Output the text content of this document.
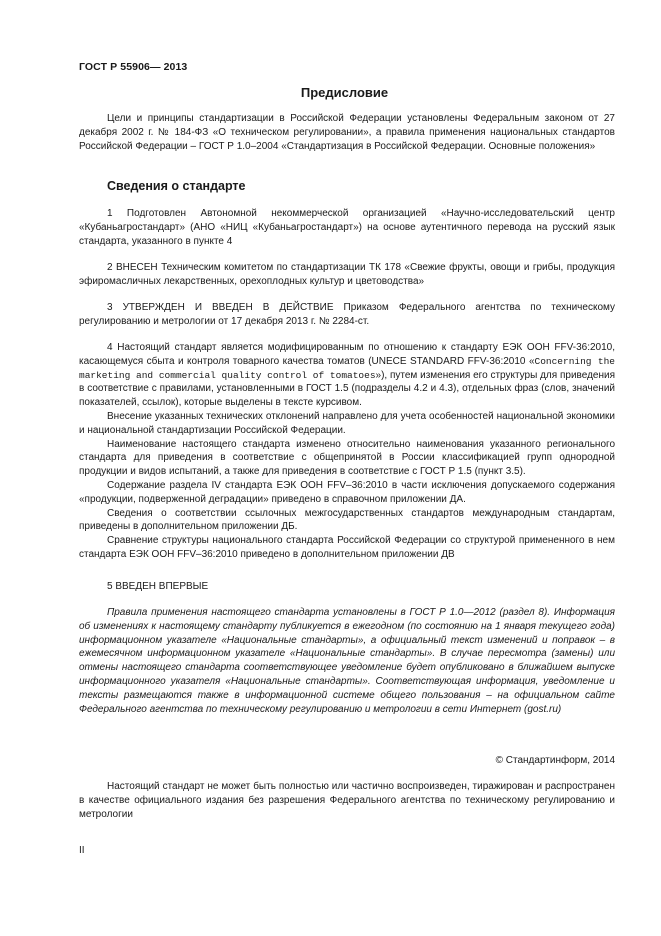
ГОСТ Р 55906— 2013
Предисловие

Цели и принципы стандартизации в Российской Федерации установлены Федеральным законом от 27 декабря 2002 г. № 184-ФЗ «О техническом регулировании», а правила применения национальных стандартов Российской Федерации – ГОСТ Р 1.0–2004 «Стандартизация в Российской Федерации. Основные положения»

Сведения о стандарте

1 Подготовлен Автономной некоммерческой организацией «Научно-исследовательский центр «Кубаньагростандарт» (АНО «НИЦ «Кубаньагростандарт») на основе аутентичного перевода на русский язык стандарта, указанного в пункте 4

2 ВНЕСЕН Техническим комитетом по стандартизации ТК 178 «Свежие фрукты, овощи и грибы, продукция эфиромасличных лекарственных, орехоплодных культур и цветоводства»

3 УТВЕРЖДЕН И ВВЕДЕН В ДЕЙСТВИЕ Приказом Федерального агентства по техническому регулированию и метрологии от 17 декабря 2013 г. № 2284-ст.

4 Настоящий стандарт является модифицированным по отношению к стандарту ЕЭК ООН FFV-36:2010, касающемуся сбыта и контроля товарного качества томатов (UNECE STANDARD FFV-36:2010 «Concerning the marketing and commercial quality control of tomatoes»), путем изменения его структуры для приведения в соответствие с правилами, установленными в ГОСТ 1.5 (подразделы 4.2 и 4.3), отдельных фраз (слов, значений показателей, ссылок), которые выделены в тексте курсивом.

Внесение указанных технических отклонений направлено для учета особенностей национальной экономики и национальной стандартизации Российской Федерации.

Наименование настоящего стандарта изменено относительно наименования указанного регионального стандарта для приведения в соответствие с общепринятой в России классификацией групп однородной продукции и видов испытаний, а также для приведения в соответствие с ГОСТ Р 1.5 (пункт 3.5).

Содержание раздела IV стандарта ЕЭК ООН FFV–36:2010 в части исключения допускаемого содержания «продукции, подверженной деградации» приведено в справочном приложении ДА.

Сведения о соответствии ссылочных межгосударственных стандартов международным стандартам, приведены в дополнительном приложении ДБ.

Сравнение структуры национального стандарта Российской Федерации со структурой примененного в нем стандарта ЕЭК ООН FFV–36:2010 приведено в дополнительном приложении ДВ

5 ВВЕДЕН ВПЕРВЫЕ

Правила применения настоящего стандарта установлены в ГОСТ Р 1.0—2012 (раздел 8). Информация об изменениях к настоящему стандарту публикуется в ежегодном (по состоянию на 1 января текущего года) информационном указателе «Национальные стандарты», а официальный текст изменений и поправок – в ежемесячном информационном указателе «Национальные стандарты». В случае пересмотра (замены) или отмены настоящего стандарта соответствующее уведомление будет опубликовано в ближайшем выпуске информационного указателя «Национальные стандарты». Соответствующая информация, уведомление и тексты размещаются также в информационной системе общего пользования – на официальном сайте Федерального агентства по техническому регулированию и метрологии в сети Интернет (gost.ru)

© Стандартинформ, 2014

Настоящий стандарт не может быть полностью или частично воспроизведен, тиражирован и распространен в качестве официального издания без разрешения Федерального агентства по техническому регулированию и метрологии

II
